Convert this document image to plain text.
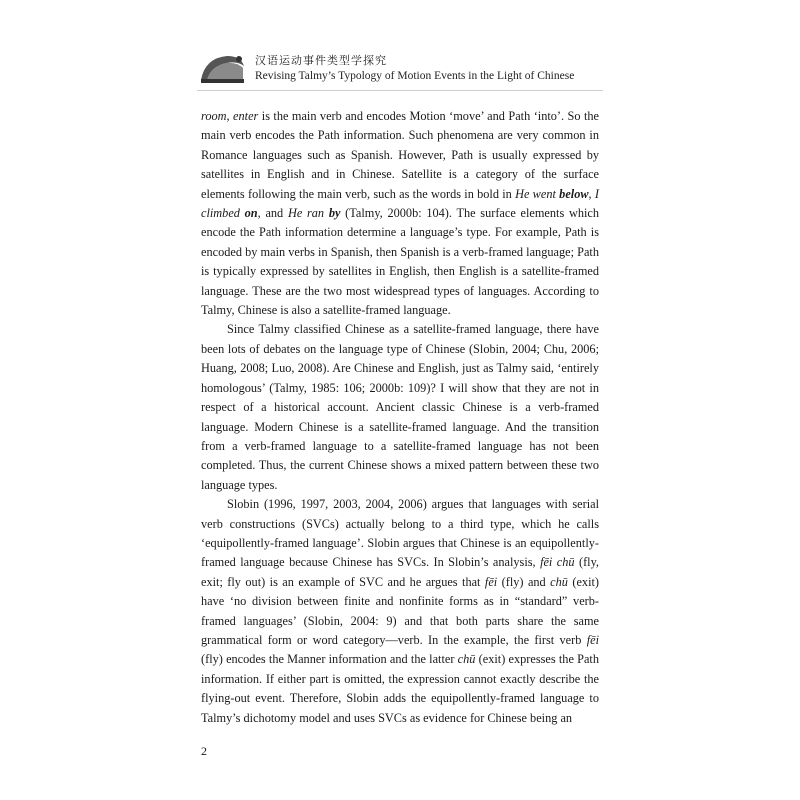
汉语运动事件类型学探究
Revising Talmy’s Typology of Motion Events in the Light of Chinese

room, enter is the main verb and encodes Motion ‘move’ and Path ‘into’. So the main verb encodes the Path information. Such phenomena are very common in Romance languages such as Spanish. However, Path is usually expressed by satellites in English and in Chinese. Satellite is a category of the surface elements following the main verb, such as the words in bold in He went below, I climbed on, and He ran by (Talmy, 2000b: 104). The surface elements which encode the Path information determine a language’s type. For example, Path is encoded by main verbs in Spanish, then Spanish is a verb-framed language; Path is typically expressed by satellites in English, then English is a satellite-framed language. These are the two most widespread types of languages. According to Talmy, Chinese is also a satellite-framed language.

Since Talmy classified Chinese as a satellite-framed language, there have been lots of debates on the language type of Chinese (Slobin, 2004; Chu, 2006; Huang, 2008; Luo, 2008). Are Chinese and English, just as Talmy said, ‘entirely homologous’ (Talmy, 1985: 106; 2000b: 109)? I will show that they are not in respect of a historical account. Ancient classic Chinese is a verb-framed language. Modern Chinese is a satellite-framed language. And the transition from a verb-framed language to a satellite-framed language has not been completed. Thus, the current Chinese shows a mixed pattern between these two language types.

Slobin (1996, 1997, 2003, 2004, 2006) argues that languages with serial verb constructions (SVCs) actually belong to a third type, which he calls ‘equipollently-framed language’. Slobin argues that Chinese is an equipollently-framed language because Chinese has SVCs. In Slobin’s analysis, fēi chū (fly, exit; fly out) is an example of SVC and he argues that fēi (fly) and chū (exit) have ‘no division between finite and nonfinite forms as in “standard” verb-framed languages’ (Slobin, 2004: 9) and that both parts share the same grammatical form or word category—verb. In the example, the first verb fēi (fly) encodes the Manner information and the latter chū (exit) expresses the Path information. If either part is omitted, the expression cannot exactly describe the flying-out event. Therefore, Slobin adds the equipollently-framed language to Talmy’s dichotomy model and uses SVCs as evidence for Chinese being an

2
